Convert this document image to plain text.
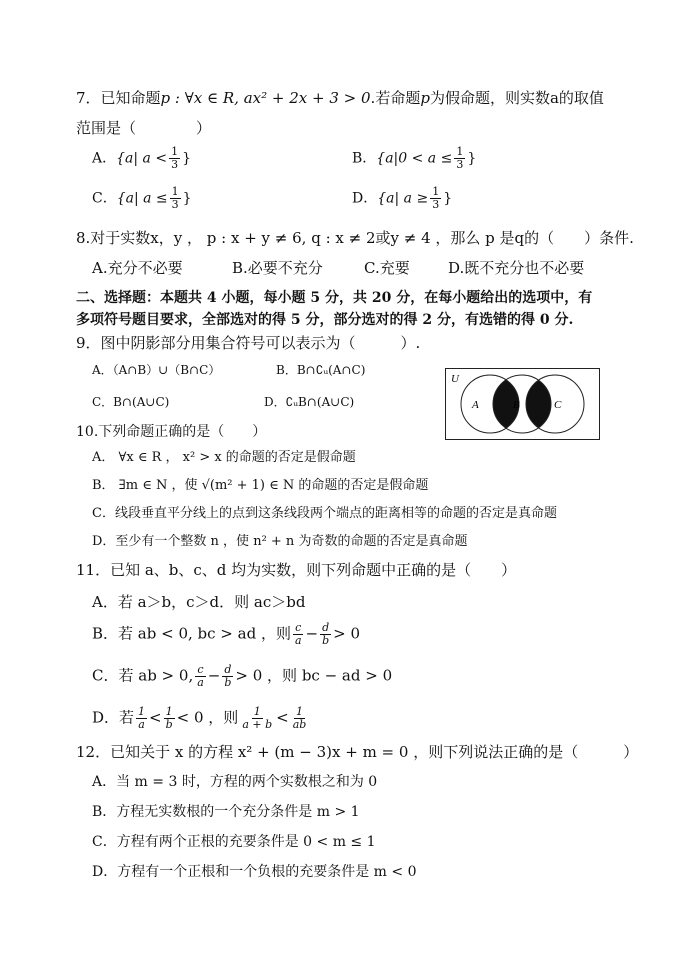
7．已知命题p : ∀x ∈ R, ax² + 2x + 3 > 0.若命题p为假命题，则实数a的取值
范围是（　　　　）
A．{a| $a < \frac{1}{3}$ }	B．{$a|0 < a \le \frac{1}{3}$ }
C．{a| $a \le \frac{1}{3}$ }	D．{a| $a \ge \frac{1}{3}$ }
8.对于实数x，y ， p : x + y ≠ 6, q : x ≠ 2或y ≠ 4 ，那么 p 是q的（　　）条件.
A.充分不必要	B.必要不充分	C.充要	D.既不充分也不必要
二、选择题：本题共 4 小题，每小题 5 分，共 20 分，在每小题给出的选项中，有
多项符号题目要求，全部选对的得 5 分，部分选对的得 2 分，有选错的得 0 分.
9．图中阴影部分用集合符号可以表示为（　　　）.
A．（A∩B）∪（B∩C）	B．B∩∁ᵤ(A∩C)
C．B∩(A∪C)	D．∁ᵤB∩(A∪C)
U
A	B	C
10.下列命题正确的是（　　）
A． ∀x ∈ R ， x² > x 的命题的否定是假命题
B． ∃m ∈ N ，使 √(m² + 1) ∈ N 的命题的否定是假命题
C．线段垂直平分线上的点到这条线段两个端点的距离相等的命题的否定是真命题
D．至少有一个整数 n ，使 n² + n 为奇数的命题的否定是真命题
11．已知 a、b、c、d 均为实数，则下列命题中正确的是（　　）
A．若 a＞b，c＞d．则 ac＞bd
B．若 ab < 0, bc > ad ，则 $\frac{c}{a} - \frac{d}{b} > 0$
C．若 ab > 0, $\frac{c}{a} - \frac{d}{b} > 0$ ，则 bc − ad > 0
D．若 $\frac{1}{a} < \frac{1}{b} < 0$ ，则 $\frac{1}{a + b} < \frac{1}{ab}$
12．已知关于 x 的方程 x² + (m − 3)x + m = 0 ，则下列说法正确的是（　　　）
A．当 m = 3 时，方程的两个实数根之和为 0
B．方程无实数根的一个充分条件是 m > 1
C．方程有两个正根的充要条件是 0 < m ≤ 1
D．方程有一个正根和一个负根的充要条件是 m < 0
